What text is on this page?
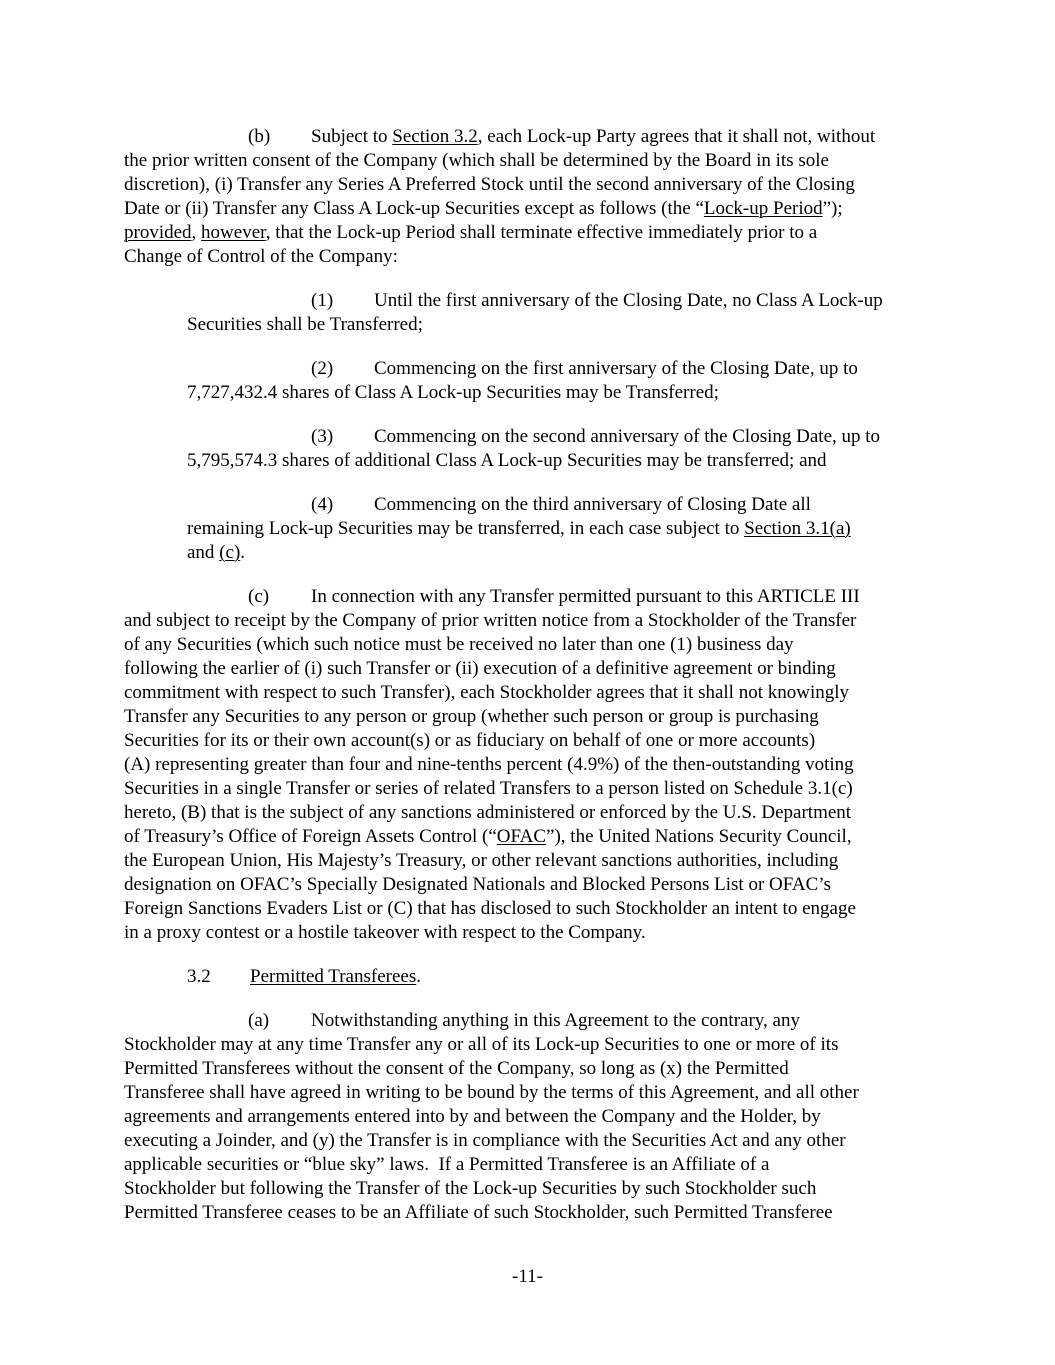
(b) Subject to Section 3.2, each Lock-up Party agrees that it shall not, without
the prior written consent of the Company (which shall be determined by the Board in its sole
discretion), (i) Transfer any Series A Preferred Stock until the second anniversary of the Closing
Date or (ii) Transfer any Class A Lock-up Securities except as follows (the “Lock-up Period”);
provided, however, that the Lock-up Period shall terminate effective immediately prior to a
Change of Control of the Company:
(1) Until the first anniversary of the Closing Date, no Class A Lock-up
Securities shall be Transferred;
(2) Commencing on the first anniversary of the Closing Date, up to
7,727,432.4 shares of Class A Lock-up Securities may be Transferred;
(3) Commencing on the second anniversary of the Closing Date, up to
5,795,574.3 shares of additional Class A Lock-up Securities may be transferred; and
(4) Commencing on the third anniversary of Closing Date all
remaining Lock-up Securities may be transferred, in each case subject to Section 3.1(a)
and (c).
(c) In connection with any Transfer permitted pursuant to this ARTICLE III
and subject to receipt by the Company of prior written notice from a Stockholder of the Transfer
of any Securities (which such notice must be received no later than one (1) business day
following the earlier of (i) such Transfer or (ii) execution of a definitive agreement or binding
commitment with respect to such Transfer), each Stockholder agrees that it shall not knowingly
Transfer any Securities to any person or group (whether such person or group is purchasing
Securities for its or their own account(s) or as fiduciary on behalf of one or more accounts)
(A) representing greater than four and nine-tenths percent (4.9%) of the then-outstanding voting
Securities in a single Transfer or series of related Transfers to a person listed on Schedule 3.1(c)
hereto, (B) that is the subject of any sanctions administered or enforced by the U.S. Department
of Treasury’s Office of Foreign Assets Control (“OFAC”), the United Nations Security Council,
the European Union, His Majesty’s Treasury, or other relevant sanctions authorities, including
designation on OFAC’s Specially Designated Nationals and Blocked Persons List or OFAC’s
Foreign Sanctions Evaders List or (C) that has disclosed to such Stockholder an intent to engage
in a proxy contest or a hostile takeover with respect to the Company.
3.2 Permitted Transferees.
(a) Notwithstanding anything in this Agreement to the contrary, any
Stockholder may at any time Transfer any or all of its Lock-up Securities to one or more of its
Permitted Transferees without the consent of the Company, so long as (x) the Permitted
Transferee shall have agreed in writing to be bound by the terms of this Agreement, and all other
agreements and arrangements entered into by and between the Company and the Holder, by
executing a Joinder, and (y) the Transfer is in compliance with the Securities Act and any other
applicable securities or “blue sky” laws.  If a Permitted Transferee is an Affiliate of a
Stockholder but following the Transfer of the Lock-up Securities by such Stockholder such
Permitted Transferee ceases to be an Affiliate of such Stockholder, such Permitted Transferee
-11-
